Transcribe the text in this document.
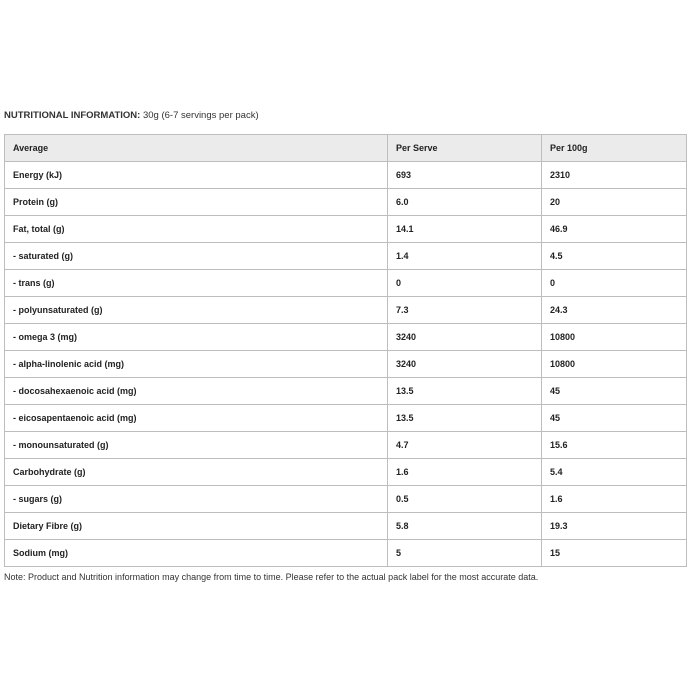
NUTRITIONAL INFORMATION: 30g (6-7 servings per pack)
Average	Per Serve	Per 100g
Energy (kJ)	693	2310
Protein (g)	6.0	20
Fat, total (g)	14.1	46.9
- saturated (g)	1.4	4.5
- trans (g)	0	0
- polyunsaturated (g)	7.3	24.3
- omega 3 (mg)	3240	10800
- alpha-linolenic acid (mg)	3240	10800
- docosahexaenoic acid (mg)	13.5	45
- eicosapentaenoic acid (mg)	13.5	45
- monounsaturated (g)	4.7	15.6
Carbohydrate (g)	1.6	5.4
- sugars (g)	0.5	1.6
Dietary Fibre (g)	5.8	19.3
Sodium (mg)	5	15
Note: Product and Nutrition information may change from time to time. Please refer to the actual pack label for the most accurate data.
